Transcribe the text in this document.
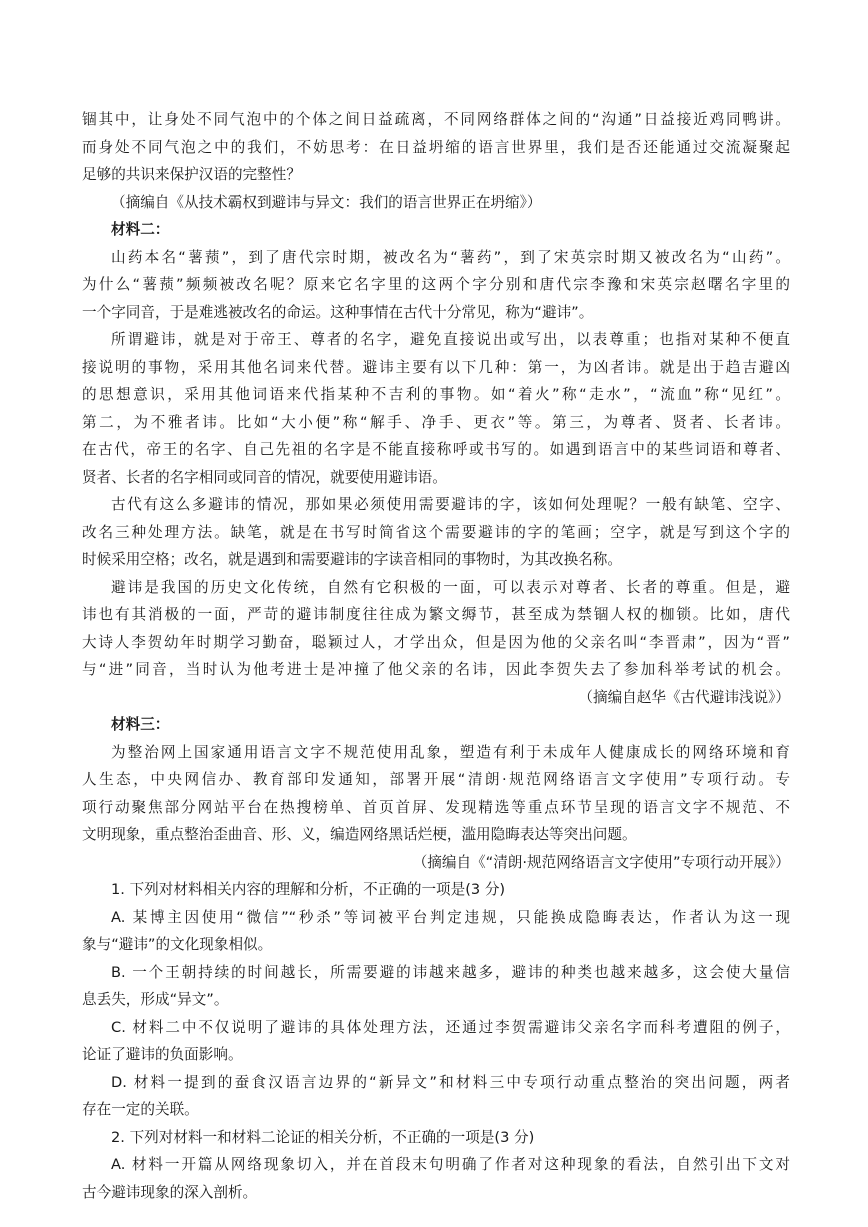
锢其中，让身处不同气泡中的个体之间日益疏离，不同网络群体之间的“沟通”日益接近鸡同鸭讲。
而身处不同气泡之中的我们，不妨思考：在日益坍缩的语言世界里，我们是否还能通过交流凝聚起
足够的共识来保护汉语的完整性？
（摘编自《从技术霸权到避讳与异文：我们的语言世界正在坍缩》）
材料二：
山药本名“薯蓣”，到了唐代宗时期，被改名为“薯药”，到了宋英宗时期又被改名为“山药”。
为什么“薯蓣”频频被改名呢？原来它名字里的这两个字分别和唐代宗李豫和宋英宗赵曙名字里的
一个字同音，于是难逃被改名的命运。这种事情在古代十分常见，称为“避讳”。
所谓避讳，就是对于帝王、尊者的名字，避免直接说出或写出，以表尊重；也指对某种不便直
接说明的事物，采用其他名词来代替。避讳主要有以下几种：第一，为凶者讳。就是出于趋吉避凶
的思想意识，采用其他词语来代指某种不吉利的事物。如“着火”称“走水”，“流血”称“见红”。
第二，为不雅者讳。比如“大小便”称“解手、净手、更衣”等。第三，为尊者、贤者、长者讳。
在古代，帝王的名字、自己先祖的名字是不能直接称呼或书写的。如遇到语言中的某些词语和尊者、
贤者、长者的名字相同或同音的情况，就要使用避讳语。
古代有这么多避讳的情况，那如果必须使用需要避讳的字，该如何处理呢？一般有缺笔、空字、
改名三种处理方法。缺笔，就是在书写时简省这个需要避讳的字的笔画；空字，就是写到这个字的
时候采用空格；改名，就是遇到和需要避讳的字读音相同的事物时，为其改换名称。
避讳是我国的历史文化传统，自然有它积极的一面，可以表示对尊者、长者的尊重。但是，避
讳也有其消极的一面，严苛的避讳制度往往成为繁文缛节，甚至成为禁锢人权的枷锁。比如，唐代
大诗人李贺幼年时期学习勤奋，聪颖过人，才学出众，但是因为他的父亲名叫“李晋肃”，因为“晋”
与“进”同音，当时认为他考进士是冲撞了他父亲的名讳，因此李贺失去了参加科举考试的机会。
（摘编自赵华《古代避讳浅说》）
材料三：
为整治网上国家通用语言文字不规范使用乱象，塑造有利于未成年人健康成长的网络环境和育
人生态，中央网信办、教育部印发通知，部署开展“清朗·规范网络语言文字使用”专项行动。专
项行动聚焦部分网站平台在热搜榜单、首页首屏、发现精选等重点环节呈现的语言文字不规范、不
文明现象，重点整治歪曲音、形、义，编造网络黑话烂梗，滥用隐晦表达等突出问题。
（摘编自《“清朗·规范网络语言文字使用”专项行动开展》）
1. 下列对材料相关内容的理解和分析，不正确的一项是(3 分)
A. 某博主因使用“微信”“秒杀”等词被平台判定违规，只能换成隐晦表达，作者认为这一现
象与“避讳”的文化现象相似。
B. 一个王朝持续的时间越长，所需要避的讳越来越多，避讳的种类也越来越多，这会使大量信
息丢失，形成“异文”。
C. 材料二中不仅说明了避讳的具体处理方法，还通过李贺需避讳父亲名字而科考遭阻的例子，
论证了避讳的负面影响。
D. 材料一提到的蚕食汉语言边界的“新异文”和材料三中专项行动重点整治的突出问题，两者
存在一定的关联。
2. 下列对材料一和材料二论证的相关分析，不正确的一项是(3 分)
A. 材料一开篇从网络现象切入，并在首段末句明确了作者对这种现象的看法，自然引出下文对
古今避讳现象的深入剖析。
